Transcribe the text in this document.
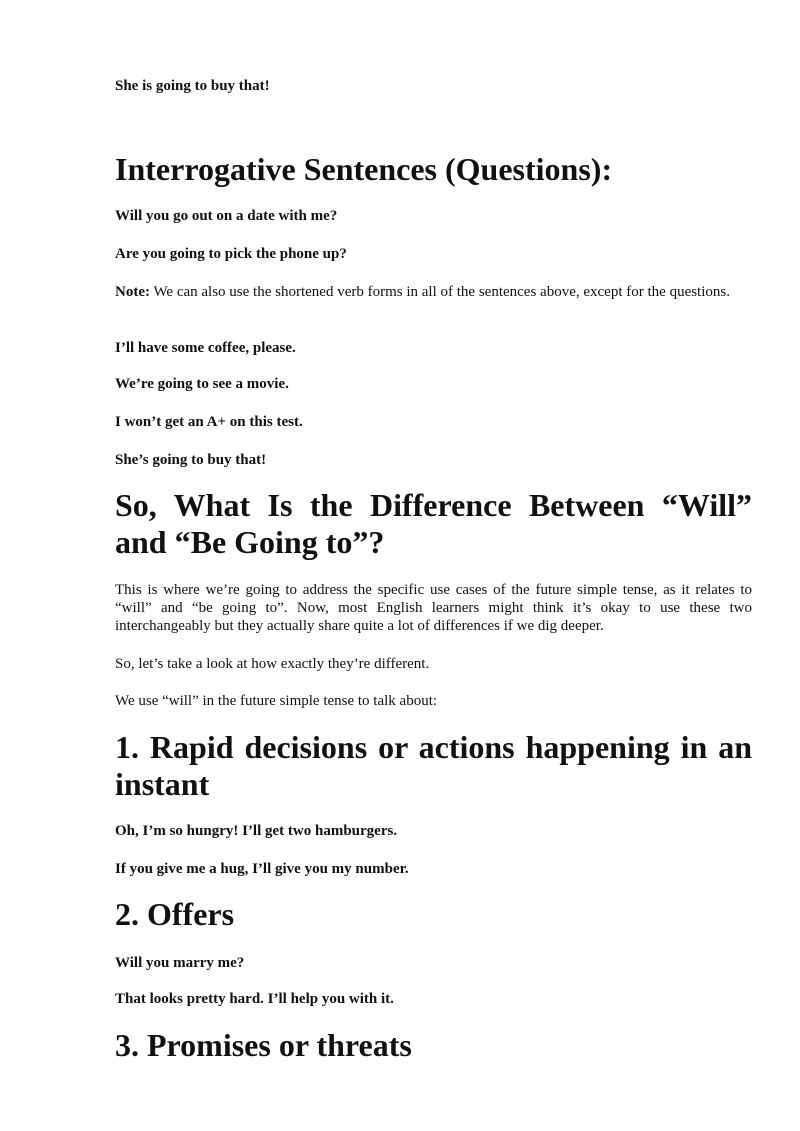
She is going to buy that!

Interrogative Sentences (Questions):

Will you go out on a date with me?

Are you going to pick the phone up?

Note: We can also use the shortened verb forms in all of the sentences above, except for the questions.

I’ll have some coffee, please.

We’re going to see a movie.

I won’t get an A+ on this test.

She’s going to buy that!

So, What Is the Difference Between “Will” and “Be Going to”?

This is where we’re going to address the specific use cases of the future simple tense, as it relates to “will” and “be going to”. Now, most English learners might think it’s okay to use these two interchangeably but they actually share quite a lot of differences if we dig deeper.

So, let’s take a look at how exactly they’re different.

We use “will” in the future simple tense to talk about:

1. Rapid decisions or actions happening in an instant

Oh, I’m so hungry! I’ll get two hamburgers.

If you give me a hug, I’ll give you my number.

2. Offers

Will you marry me?

That looks pretty hard. I’ll help you with it.

3. Promises or threats
